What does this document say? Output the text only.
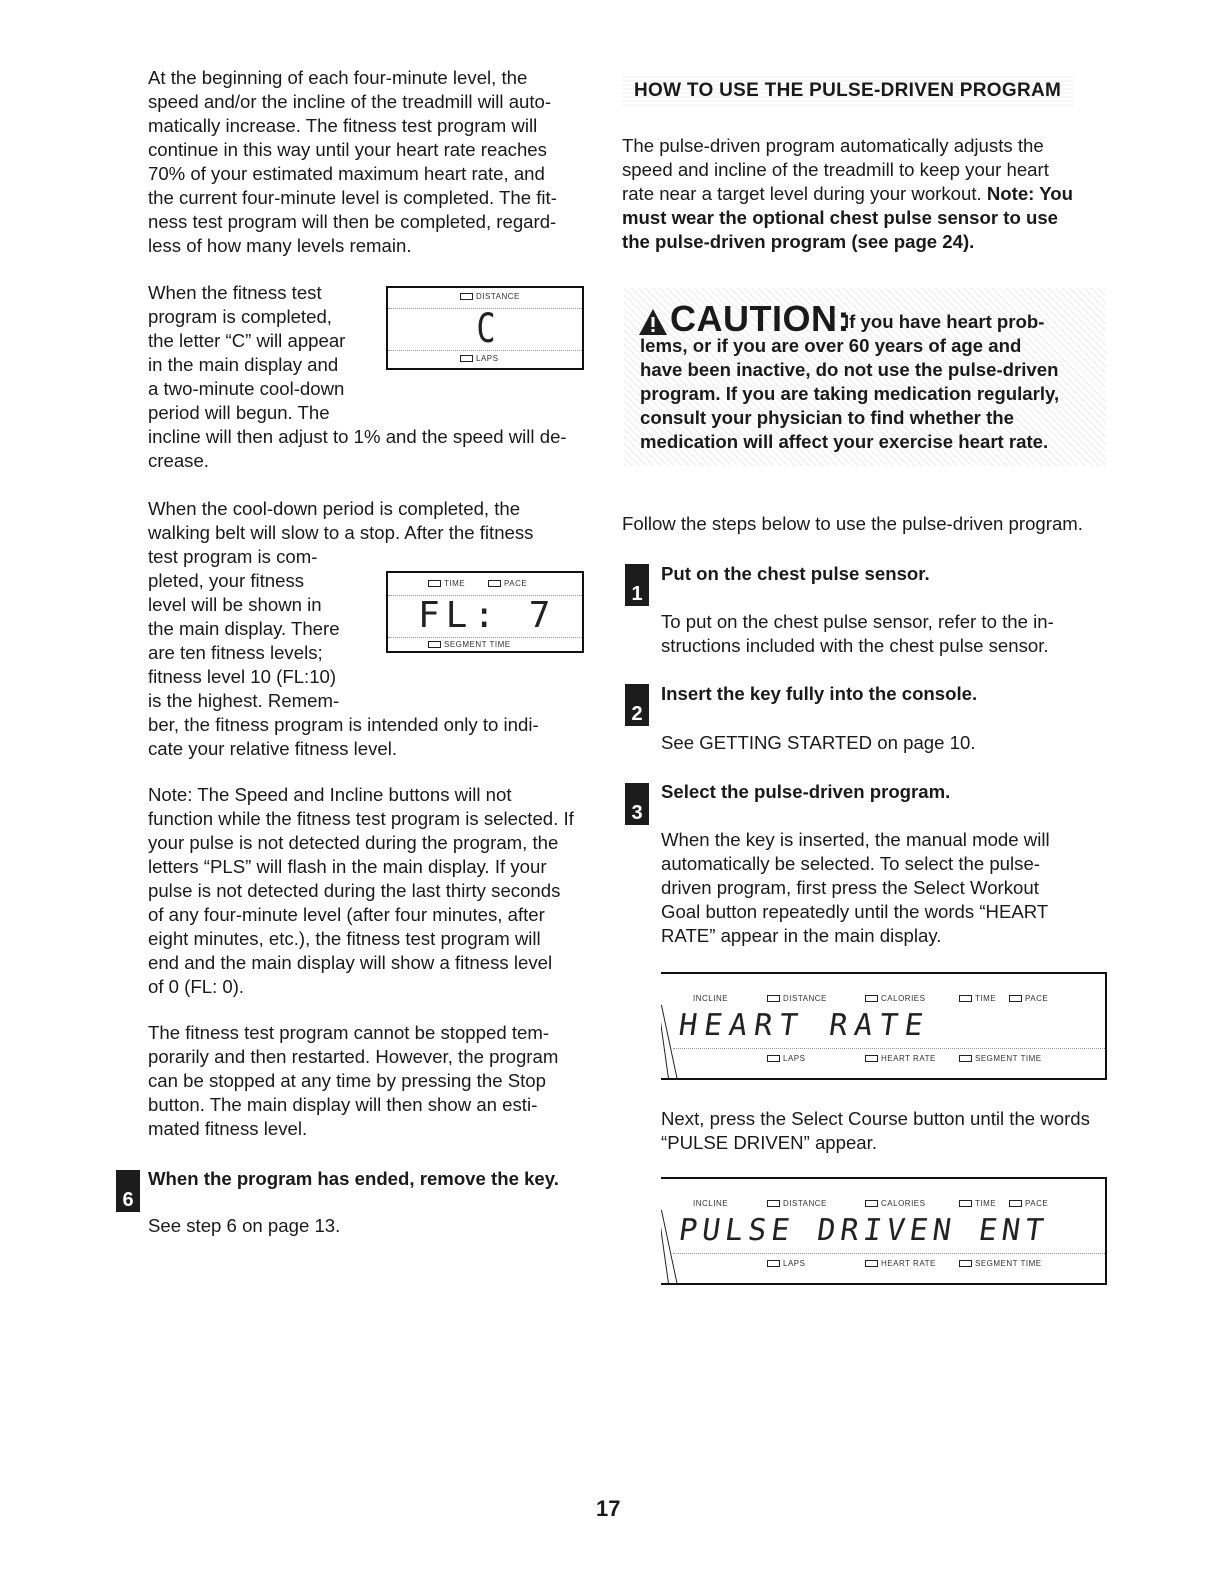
At the beginning of each four-minute level, the
speed and/or the incline of the treadmill will auto-
matically increase. The fitness test program will
continue in this way until your heart rate reaches
70% of your estimated maximum heart rate, and
the current four-minute level is completed. The fit-
ness test program will then be completed, regard-
less of how many levels remain.

When the fitness test
program is completed,
the letter “C” will appear
in the main display and
a two-minute cool-down
period will begun. The

incline will then adjust to 1% and the speed will de-
crease.

DISTANCE
C
LAPS

When the cool-down period is completed, the
walking belt will slow to a stop. After the fitness

test program is com-
pleted, your fitness
level will be shown in
the main display. There
are ten fitness levels;
fitness level 10 (FL:10)
is the highest. Remem-

ber, the fitness program is intended only to indi-
cate your relative fitness level.

TIME	PACE
FL: 7
SEGMENT TIME

Note: The Speed and Incline buttons will not
function while the fitness test program is selected. If
your pulse is not detected during the program, the
letters “PLS” will flash in the main display. If your
pulse is not detected during the last thirty seconds
of any four-minute level (after four minutes, after
eight minutes, etc.), the fitness test program will
end and the main display will show a fitness level
of 0 (FL: 0).

The fitness test program cannot be stopped tem-
porarily and then restarted. However, the program
can be stopped at any time by pressing the Stop
button. The main display will then show an esti-
mated fitness level.

6
When the program has ended, remove the key.

See step 6 on page 13.

HOW TO USE THE PULSE-DRIVEN PROGRAM

The pulse-driven program automatically adjusts the
speed and incline of the treadmill to keep your heart
rate near a target level during your workout. Note: You
must wear the optional chest pulse sensor to use
the pulse-driven program (see page 24).

CAUTION:

If you have heart prob-
lems, or if you are over 60 years of age and
have been inactive, do not use the pulse-driven
program. If you are taking medication regularly,
consult your physician to find whether the
medication will affect your exercise heart rate.

Follow the steps below to use the pulse-driven program.

1
Put on the chest pulse sensor.

To put on the chest pulse sensor, refer to the in-
structions included with the chest pulse sensor.

2
Insert the key fully into the console.

See GETTING STARTED on page 10.

3
Select the pulse-driven program.

When the key is inserted, the manual mode will
automatically be selected. To select the pulse-
driven program, first press the Select Workout
Goal button repeatedly until the words “HEART
RATE” appear in the main display.

INCLINE	DISTANCE	CALORIES	TIME	PACE
HEART RATE
LAPS	HEART RATE	SEGMENT TIME

Next, press the Select Course button until the words
“PULSE DRIVEN” appear.

INCLINE	DISTANCE	CALORIES	TIME	PACE
PULSE DRIVEN ENT
LAPS	HEART RATE	SEGMENT TIME
17
